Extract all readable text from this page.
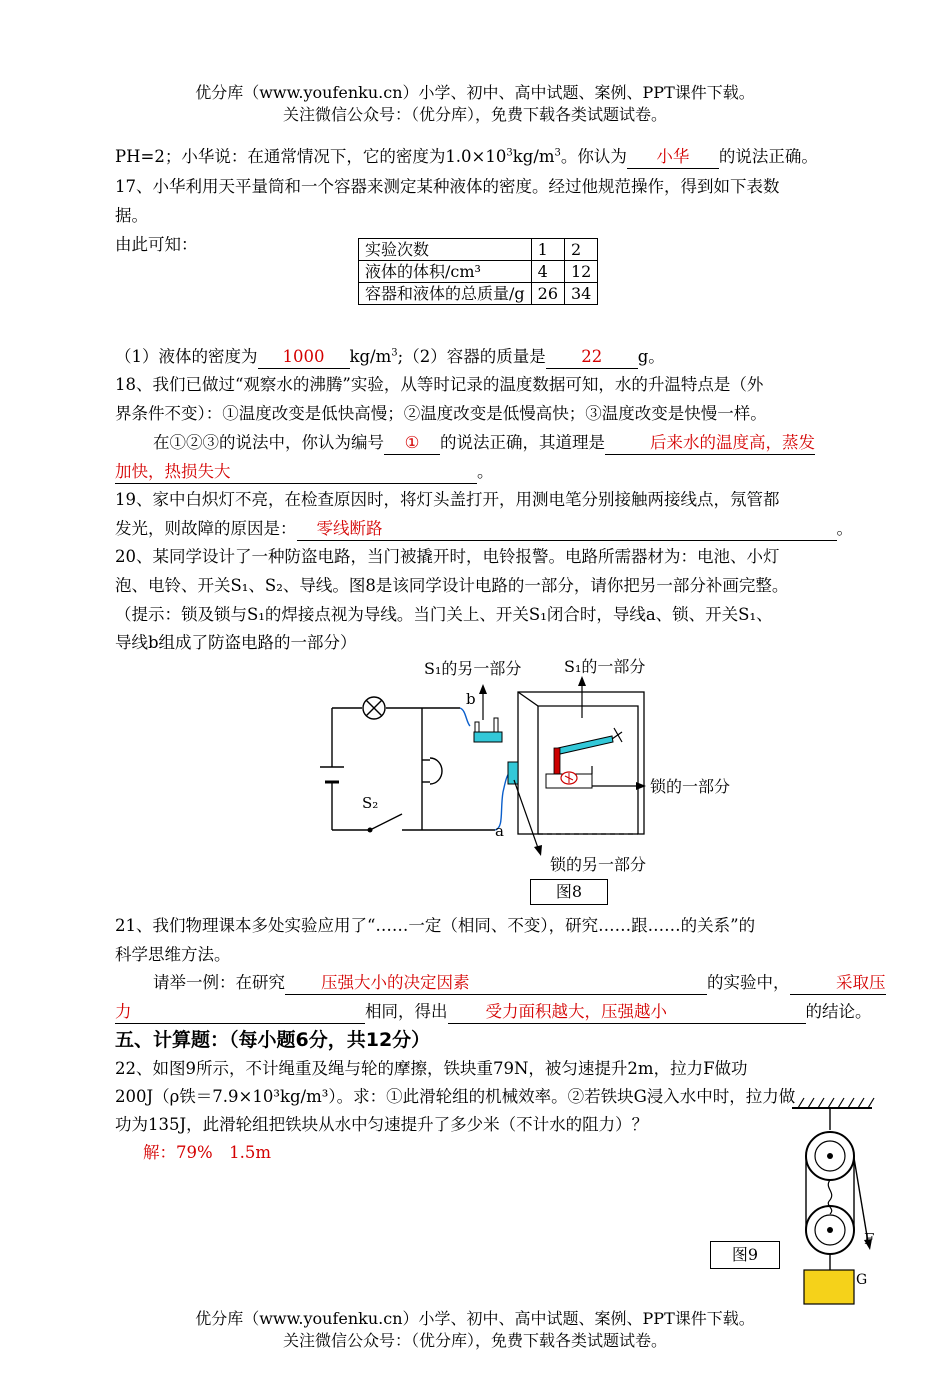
优分库（www.youfenku.cn）小学、初中、高中试题、案例、PPT课件下载。
关注微信公众号：（优分库），免费下载各类试题试卷。
PH=2；小华说：在通常情况下，它的密度为$1.0\times 10^3kg/m^3$。你认为 小华 的说法正确。
17、小华利用天平量筒和一个容器来测定某种液体的密度。经过他规范操作，得到如下表数
据。
由此可知：	实验次数	1	2
液体的体积/cm³	4	12
容器和液体的总质量/g	26	34
（1）液体的密度为 1000 $kg/m^3;(2)$容器的质量是 22 g。
18、我们已做过“观察水的沸腾”实验，从等时记录的温度数据可知，水的升温特点是（外
界条件不变）：①温度改变是低快高慢；②温度改变是低慢高快；③温度改变是快慢一样。
在①②③的说法中，你认为编号 ① 的说法正确，其道理是	后来水的温度高，蒸发
加快，热损失大	。
19、家中白炽灯不亮，在检查原因时，将灯头盖打开，用测电笔分别接触两接线点，氖管都
发光，则故障的原因是： 零线断路	。
20、某同学设计了一种防盗电路，当门被撬开时，电铃报警。电路所需器材为：电池、小灯
泡、电铃、开关S₁、S₂、导线。图8是该同学设计电路的一部分，请你把另一部分补画完整。
（提示：锁及锁与S₁的焊接点视为导线。当门关上、开关S₁闭合时，导线a、锁、开关S₁、
导线b组成了防盗电路的一部分）
S₂
b
a
S₁的另一部分	S₁的一部分
锁的一部分
锁的另一部分
图8
21、我们物理课本多处实验应用了“……一定（相同、不变），研究……跟……的关系”的
科学思维方法。
请举一例：在研究 压强大小的决定因素	的实验中，	采取压
力	相同，得出 受力面积越大，压强越小	的结论。
五、计算题：（每小题6分，共12分）
22、如图9所示，不计绳重及绳与轮的摩擦，铁块重79N，被匀速提升2m，拉力F做功
200J（ρ铁＝7.9×10³kg/m³）。求：①此滑轮组的机械效率。②若铁块G浸入水中时，拉力做
功为135J，此滑轮组把铁块从水中匀速提升了多少米（不计水的阻力）？
解：79%　1.5m
F
G
图9
优分库（www.youfenku.cn）小学、初中、高中试题、案例、PPT课件下载。
关注微信公众号：（优分库），免费下载各类试题试卷。
